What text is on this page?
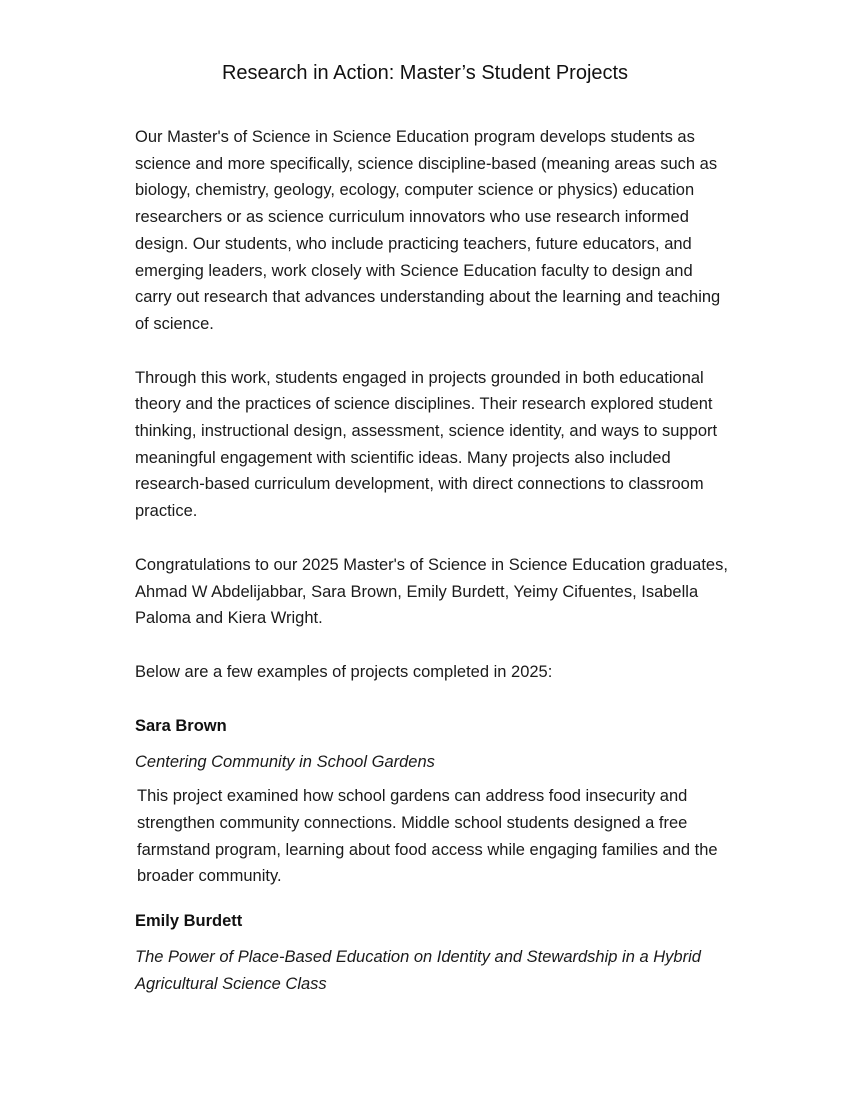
Research in Action: Master’s Student Projects

Our Master's of Science in Science Education program develops students as science and more specifically, science discipline-based (meaning areas such as biology, chemistry, geology, ecology, computer science or physics) education researchers or as science curriculum innovators who use research informed design. Our students, who include practicing teachers, future educators, and emerging leaders, work closely with Science Education faculty to design and carry out research that advances understanding about the learning and teaching of science.

Through this work, students engaged in projects grounded in both educational theory and the practices of science disciplines. Their research explored student thinking, instructional design, assessment, science identity, and ways to support meaningful engagement with scientific ideas. Many projects also included research-based curriculum development, with direct connections to classroom practice.

Congratulations to our 2025 Master's of Science in Science Education graduates, Ahmad W Abdelijabbar, Sara Brown, Emily Burdett, Yeimy Cifuentes, Isabella Paloma and Kiera Wright.

Below are a few examples of projects completed in 2025:

Sara Brown
Centering Community in School Gardens
This project examined how school gardens can address food insecurity and strengthen community connections. Middle school students designed a free farmstand program, learning about food access while engaging families and the broader community.
Emily Burdett
The Power of Place-Based Education on Identity and Stewardship in a Hybrid Agricultural Science Class
